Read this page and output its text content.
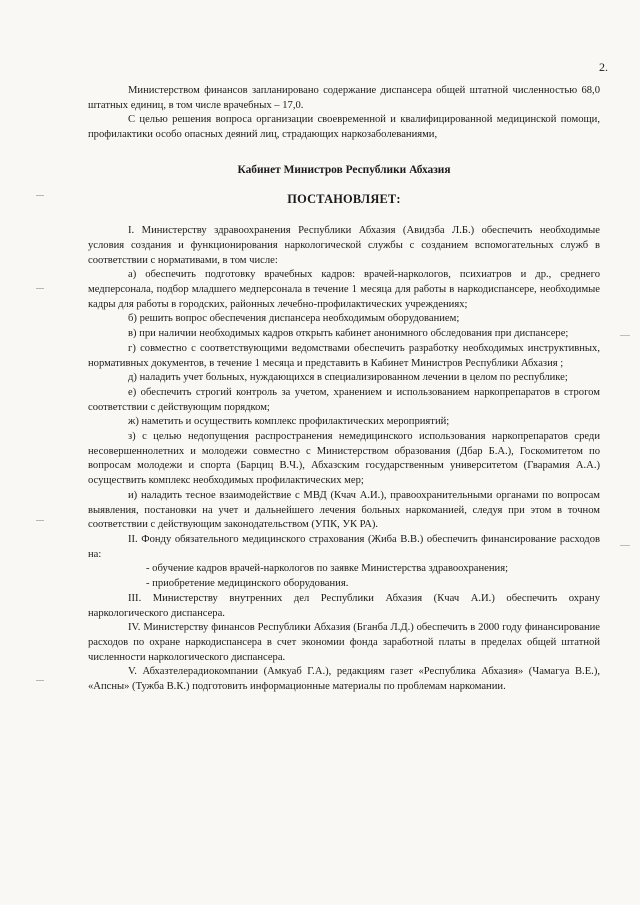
2.

Министерством финансов запланировано содержание диспансера общей штатной численностью 68,0 штатных единиц, в том числе врачебных – 17,0.

С целью решения вопроса организации своевременной и квалифицированной медицинской помощи, профилактики особо опасных деяний лиц, страдающих наркозаболеваниями,

Кабинет Министров Республики Абхазия

ПОСТАНОВЛЯЕТ:

I. Министерству здравоохранения Республики Абхазия (Авидзба Л.Б.) обеспечить необходимые условия создания и функционирования наркологической службы с созданием вспомогательных служб в соответствии с нормативами, в том числе:

а) обеспечить подготовку врачебных кадров: врачей-наркологов, психиатров и др., среднего медперсонала, подбор младшего медперсонала в течение 1 месяца для работы в наркодиспансере, необходимые кадры для работы в городских, районных лечебно-профилактических учреждениях;

б) решить вопрос обеспечения диспансера необходимым оборудованием;

в) при наличии необходимых кадров открыть кабинет анонимного обследования при диспансере;

г) совместно с соответствующими ведомствами обеспечить разработку необходимых инструктивных, нормативных документов, в течение 1 месяца и представить в Кабинет Министров Республики Абхазия ;

д) наладить учет больных, нуждающихся в специализированном лечении в целом по республике;

е) обеспечить строгий контроль за учетом, хранением и использованием наркопрепаратов в строгом соответствии с действующим порядком;

ж) наметить и осуществить комплекс профилактических мероприятий;

з) с целью недопущения распространения немедицинского использования наркопрепаратов среди несовершеннолетних и молодежи совместно с Министерством образования (Дбар Б.А.), Госкомитетом по вопросам молодежи и спорта (Барциц В.Ч.), Абхазским государственным университетом (Гварамия А.А.) осуществить комплекс необходимых профилактических мер;

и) наладить тесное взаимодействие с МВД (Кчач А.И.), правоохранительными органами по вопросам выявления, постановки на учет и дальнейшего лечения больных наркоманией, следуя при этом в точном соответствии с действующим законодательством (УПК, УК РА).

II. Фонду обязательного медицинского страхования (Жиба В.В.) обеспечить финансирование расходов на:

- обучение кадров врачей-наркологов по заявке Министерства здравоохранения;

- приобретение медицинского оборудования.

III. Министерству внутренних дел Республики Абхазия (Кчач А.И.) обеспечить охрану наркологического диспансера.

IV. Министерству финансов Республики Абхазия (Бганба Л.Д.) обеспечить в 2000 году финансирование расходов по охране наркодиспансера в счет экономии фонда заработной платы в пределах общей штатной численности наркологического диспансера.

V. Абхазтелерадиокомпании (Амкуаб Г.А.), редакциям газет «Республика Абхазия» (Чамагуа В.Е.), «Апсны» (Тужба В.К.) подготовить информационные материалы по проблемам наркомании.
